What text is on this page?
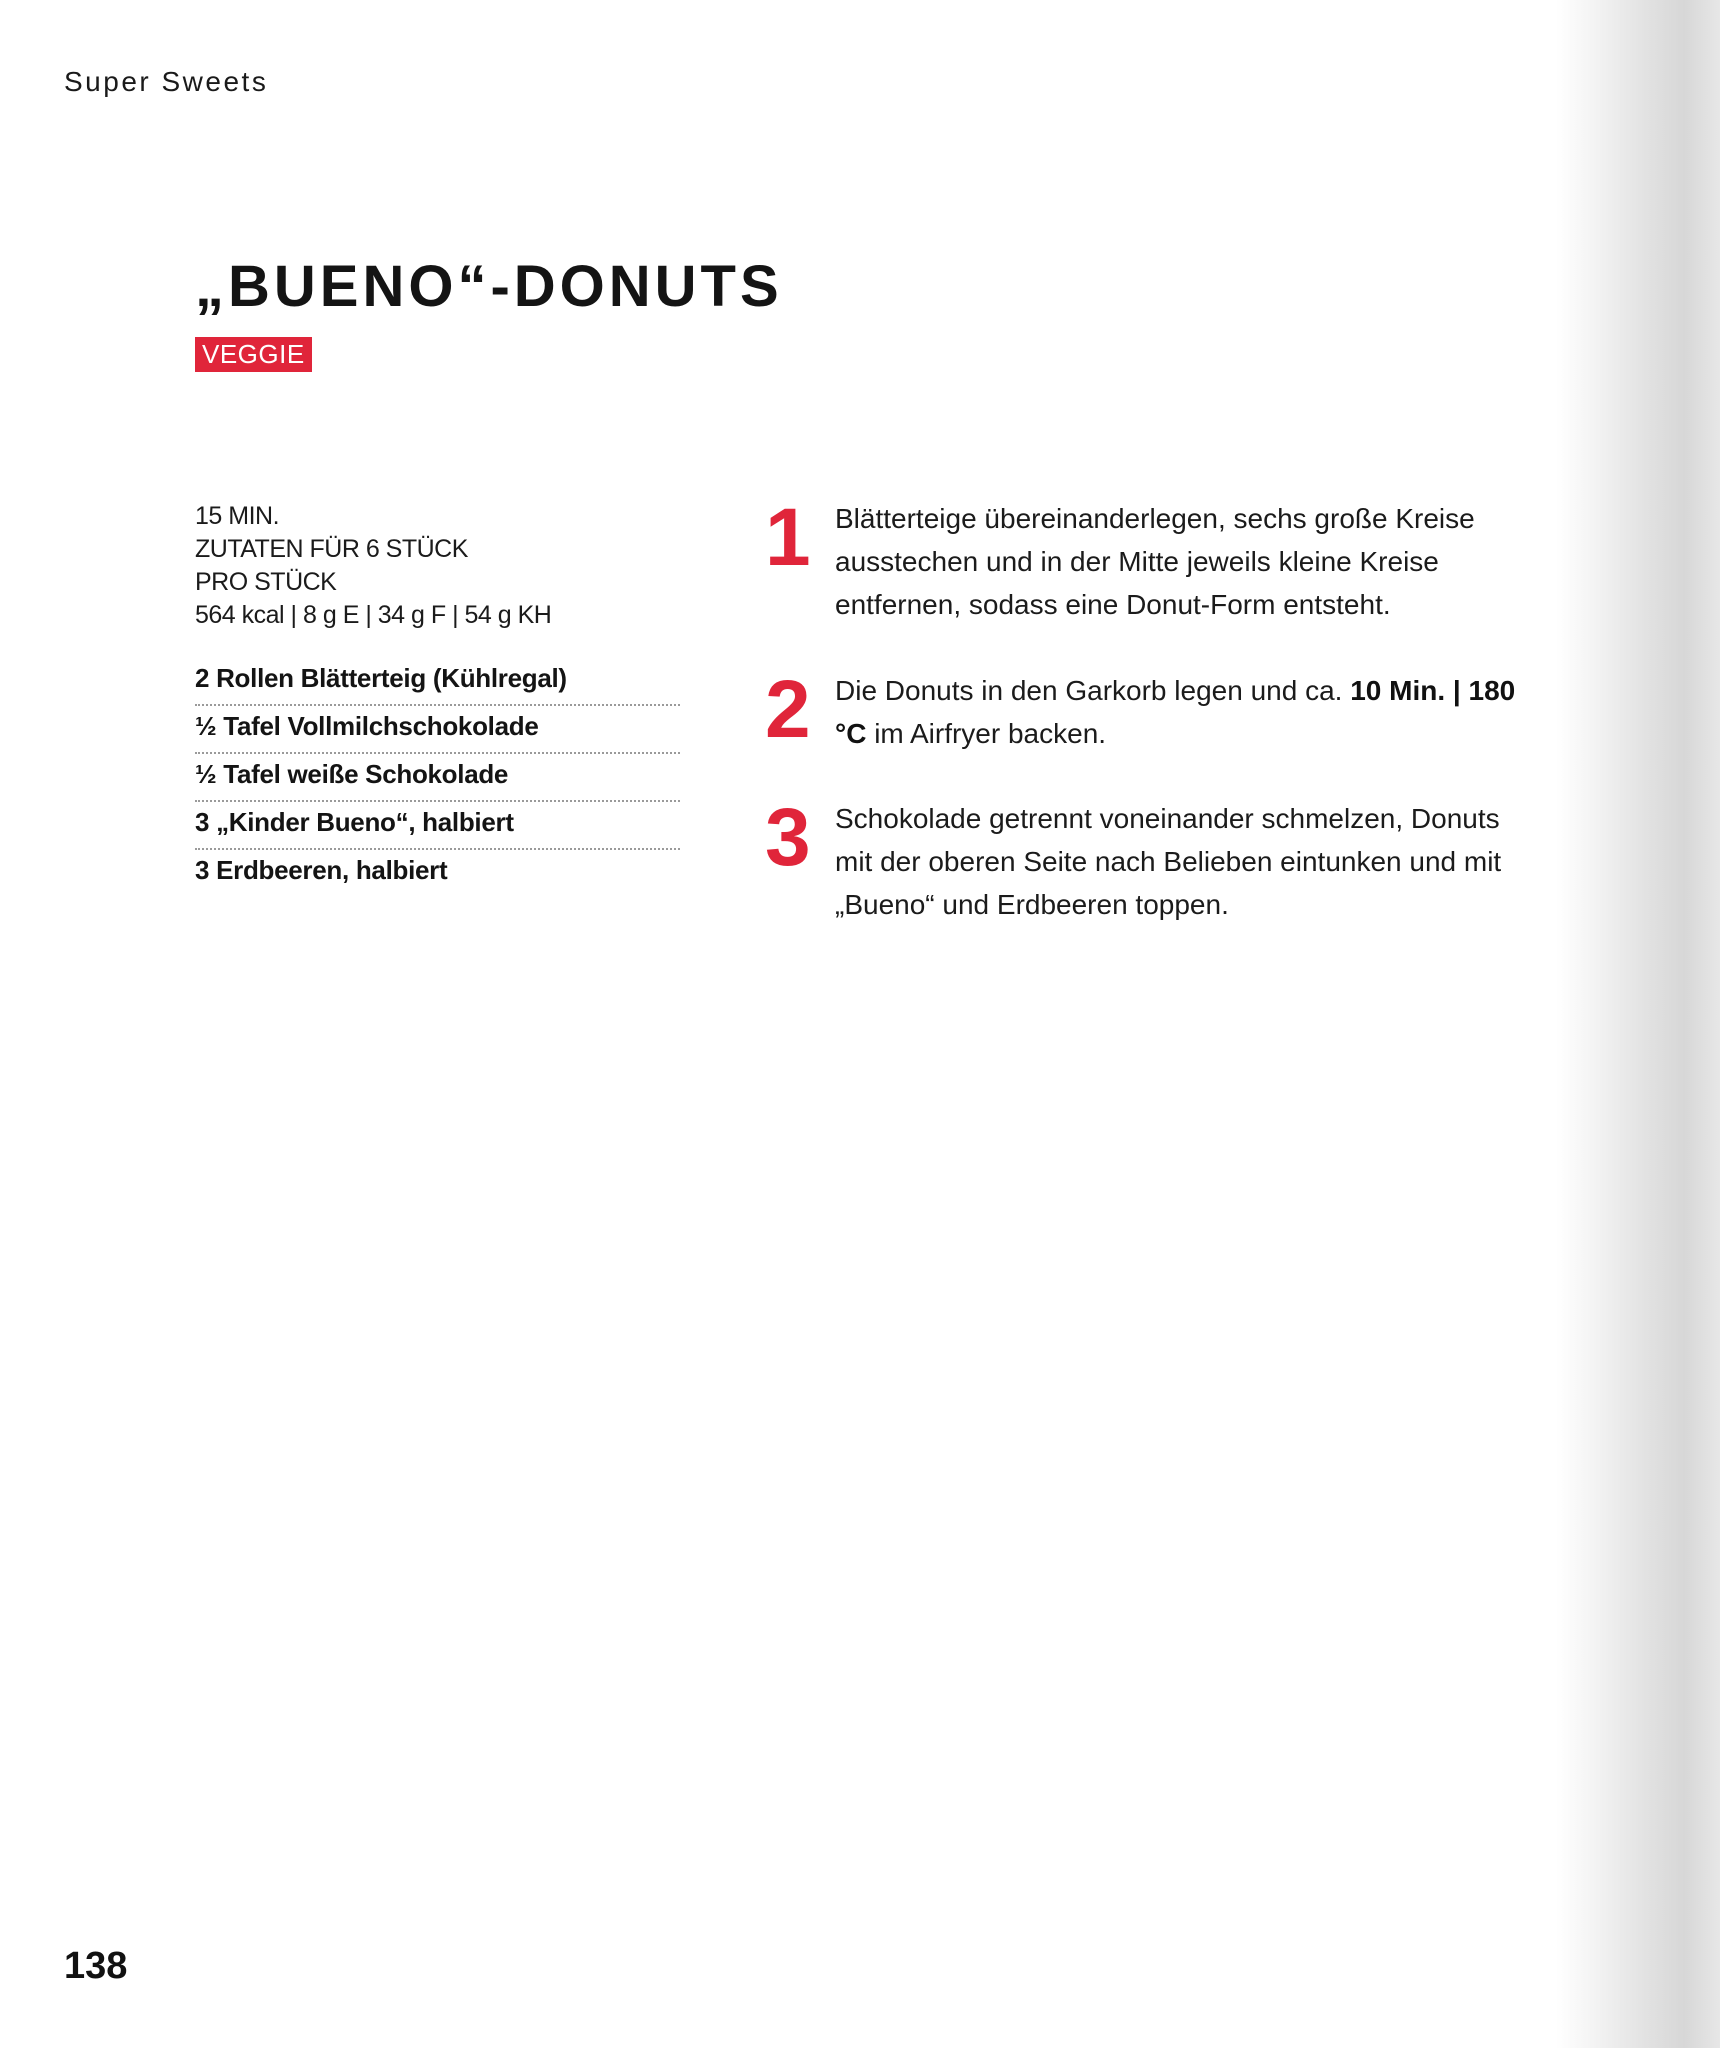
Super Sweets
„BUENO“-DONUTS
VEGGIE
15 MIN.
ZUTATEN FÜR 6 STÜCK
PRO STÜCK
564 kcal | 8 g E | 34 g F | 54 g KH
2 Rollen Blätterteig (Kühlregal)
½ Tafel Vollmilchschokolade
½ Tafel weiße Schokolade
3 „Kinder Bueno“, halbiert
3 Erdbeeren, halbiert
1 Blätterteige übereinanderlegen, sechs große Kreise ausstechen und in der Mitte jeweils kleine Kreise entfernen, sodass eine Donut-Form entsteht.
2 Die Donuts in den Garkorb legen und ca. 10 Min. | 180 °C im Airfryer backen.
3 Schokolade getrennt voneinander schmelzen, Donuts mit der oberen Seite nach Belieben eintunken und mit „Bueno“ und Erdbeeren toppen.
138
